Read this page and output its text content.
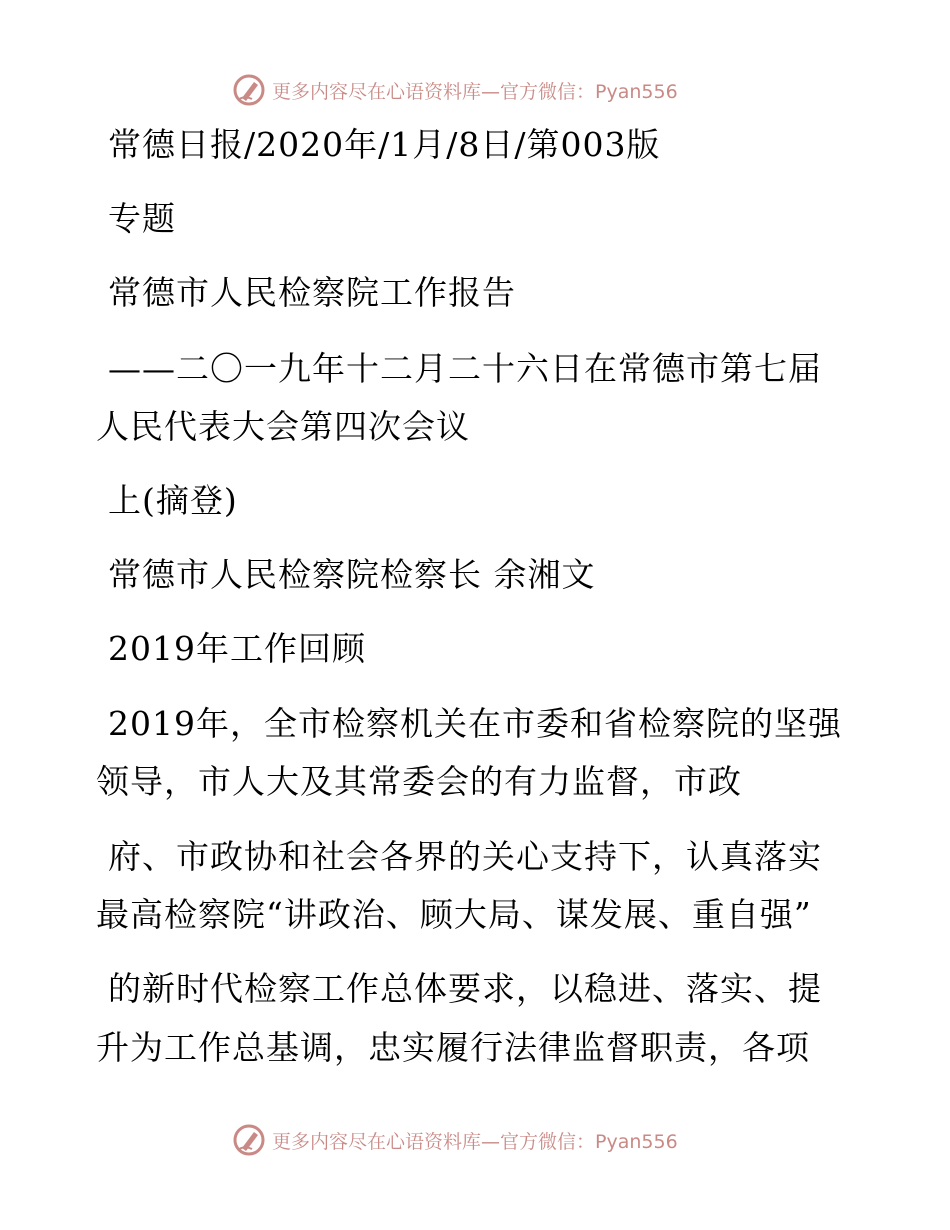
更多内容尽在心语资料库—官方微信：Pyan556
常德日报/2020年/1月/8日/第003版
专题
常德市人民检察院工作报告
——二〇一九年十二月二十六日在常德市第七届
人民代表大会第四次会议
上(摘登)
常德市人民检察院检察长 余湘文
2019年工作回顾
2019年，全市检察机关在市委和省检察院的坚强
领导，市人大及其常委会的有力监督，市政
府、市政协和社会各界的关心支持下，认真落实
最高检察院“讲政治、顾大局、谋发展、重自强”
的新时代检察工作总体要求，以稳进、落实、提
升为工作总基调，忠实履行法律监督职责，各项
更多内容尽在心语资料库—官方微信：Pyan556
